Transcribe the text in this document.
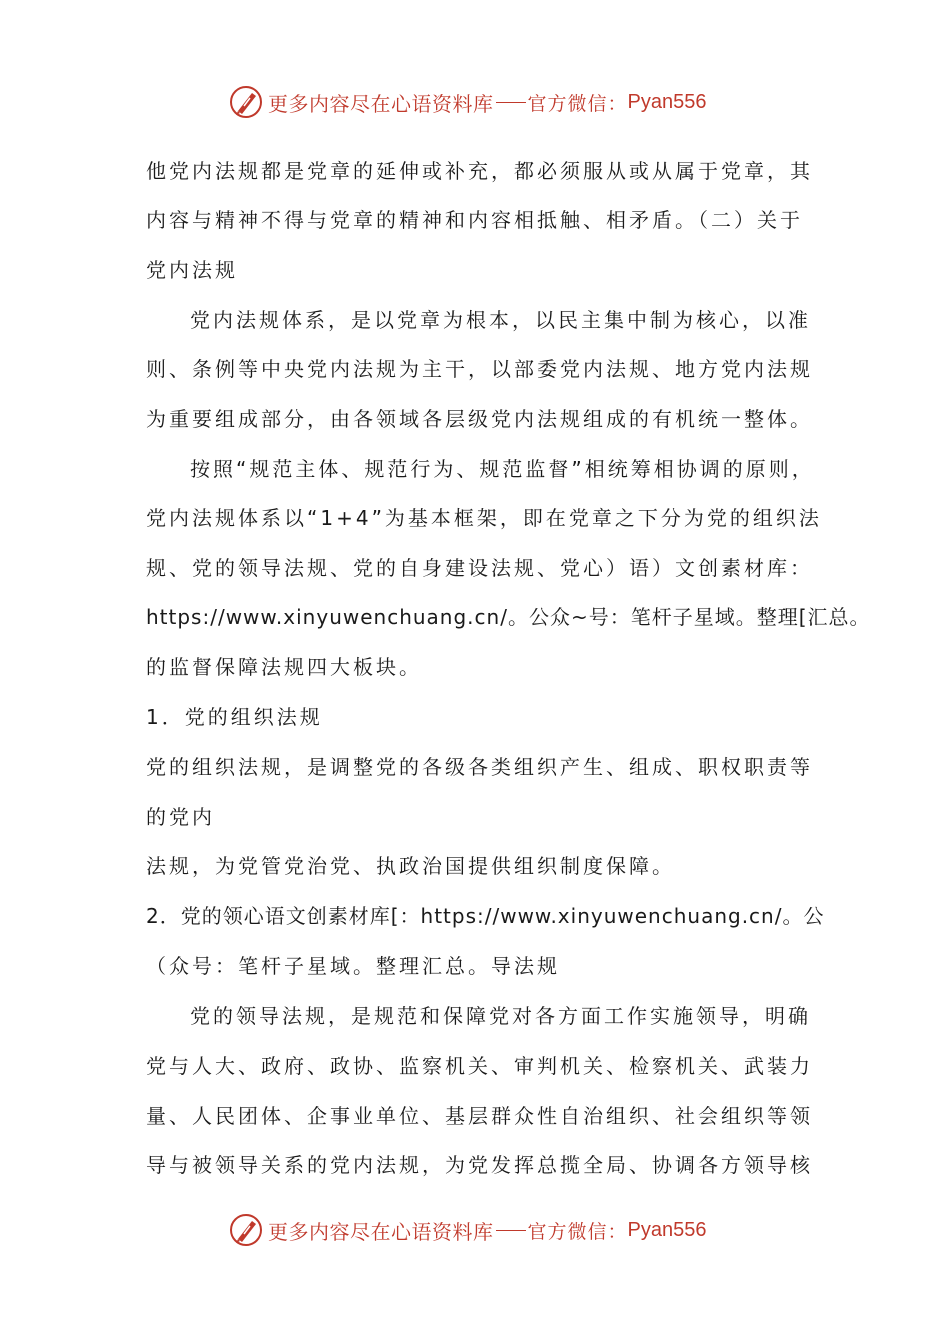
更多内容尽在心语资料库 官方微信： Pyan556
他党内法规都是党章的延伸或补充，都必须服从或从属于党章，其
内容与精神不得与党章的精神和内容相抵触、相矛盾。（二）关于
党内法规
党内法规体系，是以党章为根本，以民主集中制为核心，以准
则、条例等中央党内法规为主干，以部委党内法规、地方党内法规
为重要组成部分，由各领域各层级党内法规组成的有机统一整体。
按照“规范主体、规范行为、规范监督”相统筹相协调的原则，
党内法规体系以“1+4”为基本框架，即在党章之下分为党的组织法
规、党的领导法规、党的自身建设法规、党心）语）文创素材库：
https://www.xinyuwenchuang.cn/。公众~号：笔杆子星域。整理[汇总。
的监督保障法规四大板块。
1．党的组织法规
党的组织法规，是调整党的各级各类组织产生、组成、职权职责等
的党内
法规，为党管党治党、执政治国提供组织制度保障。
2．党的领心语文创素材库[：https://www.xinyuwenchuang.cn/。公
（众号：笔杆子星域。整理汇总。导法规
党的领导法规，是规范和保障党对各方面工作实施领导，明确
党与人大、政府、政协、监察机关、审判机关、检察机关、武装力
量、人民团体、企事业单位、基层群众性自治组织、社会组织等领
导与被领导关系的党内法规，为党发挥总揽全局、协调各方领导核
更多内容尽在心语资料库 官方微信： Pyan556
